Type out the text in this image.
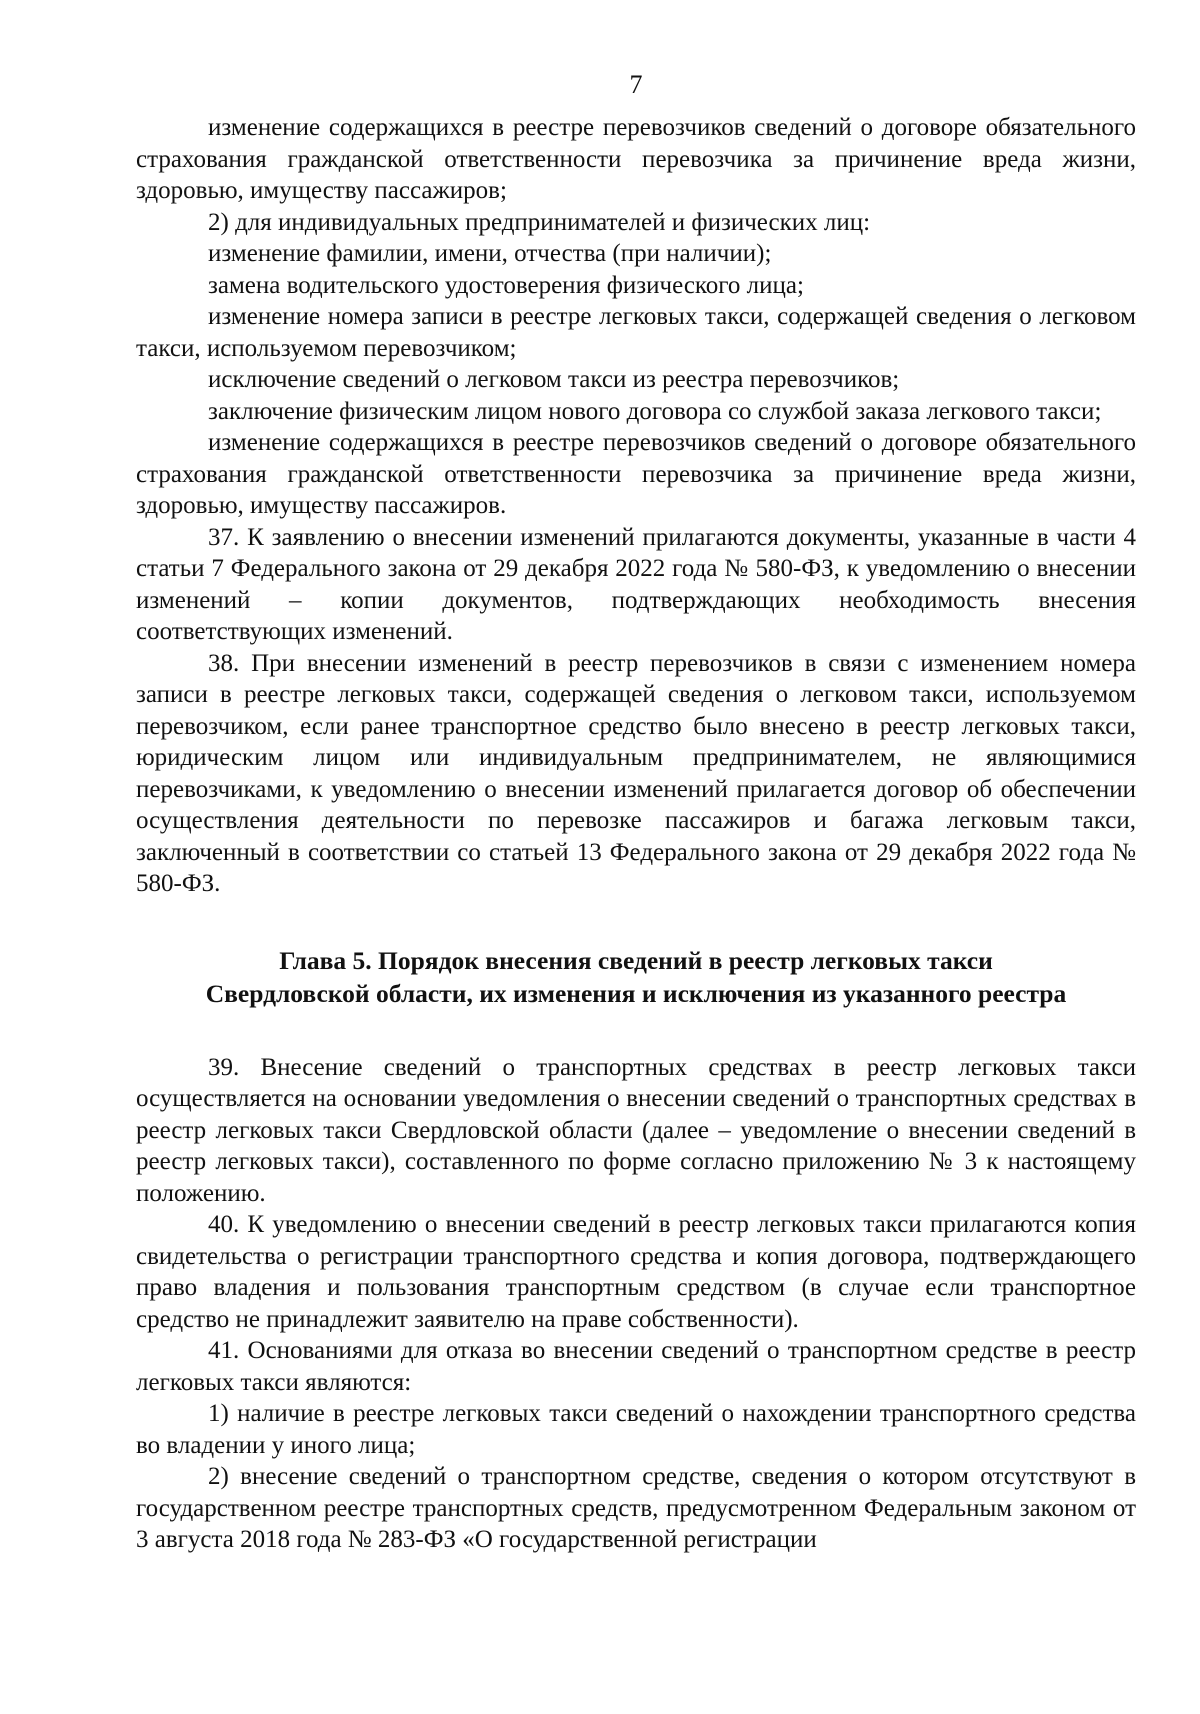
7

изменение содержащихся в реестре перевозчиков сведений о договоре обязательного страхования гражданской ответственности перевозчика за причинение вреда жизни, здоровью, имуществу пассажиров;

2) для индивидуальных предпринимателей и физических лиц:

изменение фамилии, имени, отчества (при наличии);

замена водительского удостоверения физического лица;

изменение номера записи в реестре легковых такси, содержащей сведения о легковом такси, используемом перевозчиком;

исключение сведений о легковом такси из реестра перевозчиков;

заключение физическим лицом нового договора со службой заказа легкового такси;

изменение содержащихся в реестре перевозчиков сведений о договоре обязательного страхования гражданской ответственности перевозчика за причинение вреда жизни, здоровью, имуществу пассажиров.

37. К заявлению о внесении изменений прилагаются документы, указанные в части 4 статьи 7 Федерального закона от 29 декабря 2022 года № 580-ФЗ, к уведомлению о внесении изменений – копии документов, подтверждающих необходимость внесения соответствующих изменений.

38. При внесении изменений в реестр перевозчиков в связи с изменением номера записи в реестре легковых такси, содержащей сведения о легковом такси, используемом перевозчиком, если ранее транспортное средство было внесено в реестр легковых такси, юридическим лицом или индивидуальным предпринимателем, не являющимися перевозчиками, к уведомлению о внесении изменений прилагается договор об обеспечении осуществления деятельности по перевозке пассажиров и багажа легковым такси, заключенный в соответствии со статьей 13 Федерального закона от 29 декабря 2022 года № 580-ФЗ.

Глава 5. Порядок внесения сведений в реестр легковых такси
Свердловской области, их изменения и исключения из указанного реестра

39. Внесение сведений о транспортных средствах в реестр легковых такси осуществляется на основании уведомления о внесении сведений о транспортных средствах в реестр легковых такси Свердловской области (далее – уведомление о внесении сведений в реестр легковых такси), составленного по форме согласно приложению № 3 к настоящему положению.

40. К уведомлению о внесении сведений в реестр легковых такси прилагаются копия свидетельства о регистрации транспортного средства и копия договора, подтверждающего право владения и пользования транспортным средством (в случае если транспортное средство не принадлежит заявителю на праве собственности).

41. Основаниями для отказа во внесении сведений о транспортном средстве в реестр легковых такси являются:

1) наличие в реестре легковых такси сведений о нахождении транспортного средства во владении у иного лица;

2) внесение сведений о транспортном средстве, сведения о котором отсутствуют в государственном реестре транспортных средств, предусмотренном Федеральным законом от 3 августа 2018 года № 283-ФЗ «О государственной регистрации
